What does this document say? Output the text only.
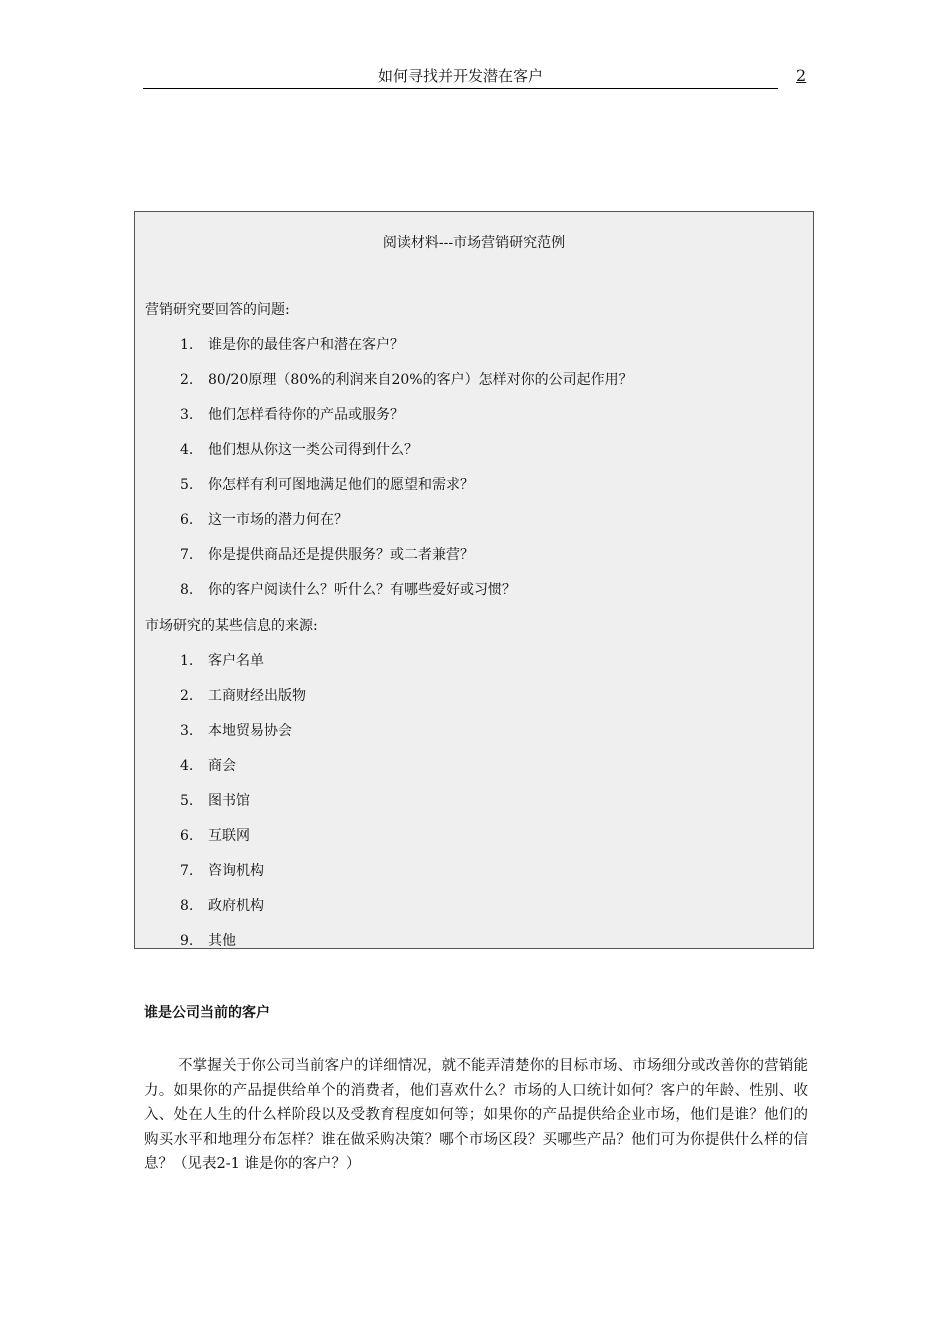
如何寻找并开发潜在客户	2
阅读材料---市场营销研究范例
营销研究要回答的问题:
1. 谁是你的最佳客户和潜在客户？
2. 80/20原理（80%的利润来自20%的客户）怎样对你的公司起作用？
3. 他们怎样看待你的产品或服务？
4. 他们想从你这一类公司得到什么？
5. 你怎样有利可图地满足他们的愿望和需求？
6. 这一市场的潜力何在？
7. 你是提供商品还是提供服务？或二者兼营？
8. 你的客户阅读什么？听什么？有哪些爱好或习惯？
市场研究的某些信息的来源:
1. 客户名单
2. 工商财经出版物
3. 本地贸易协会
4. 商会
5. 图书馆
6. 互联网
7. 咨询机构
8. 政府机构
9. 其他
谁是公司当前的客户
不掌握关于你公司当前客户的详细情况，就不能弄清楚你的目标市场、市场细分或改善你的营销能力。如果你的产品提供给单个的消费者，他们喜欢什么？市场的人口统计如何？客户的年龄、性别、收入、处在人生的什么样阶段以及受教育程度如何等；如果你的产品提供给企业市场，他们是谁？他们的购买水平和地理分布怎样？谁在做采购决策？哪个市场区段？买哪些产品？他们可为你提供什么样的信息？（见表2-1 谁是你的客户？）
